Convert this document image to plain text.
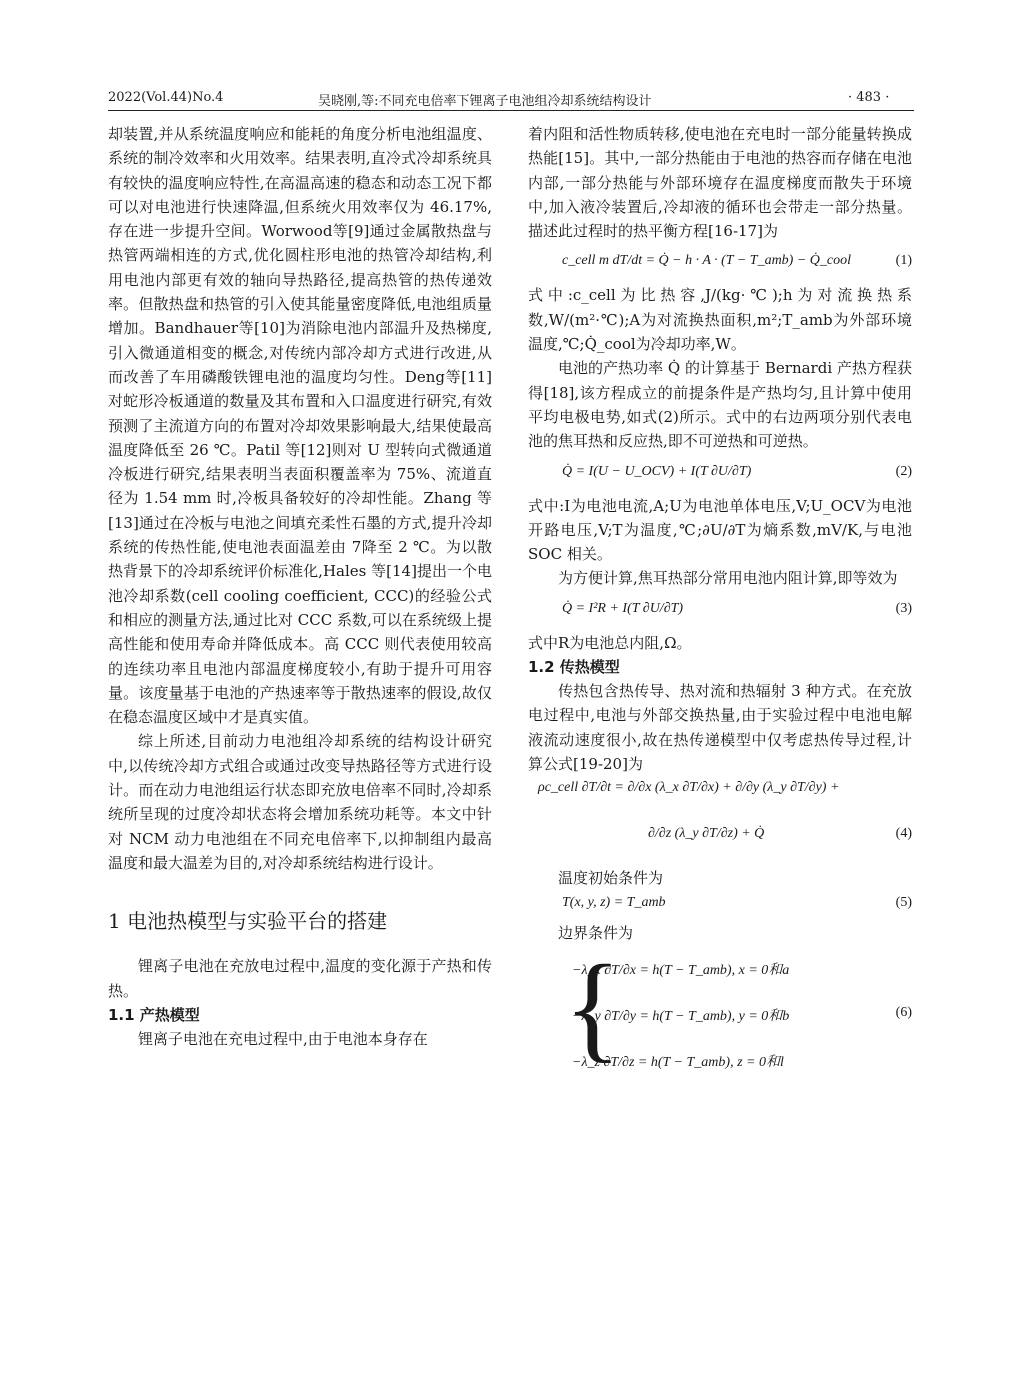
2022(Vol.44)No.4	吴晓刚,等:不同充电倍率下锂离子电池组冷却系统结构设计	· 483 ·

却装置,并从系统温度响应和能耗的角度分析电池组温度、系统的制冷效率和火用效率。结果表明,直冷式冷却系统具有较快的温度响应特性,在高温高速的稳态和动态工况下都可以对电池进行快速降温,但系统火用效率仅为 46.17%,存在进一步提升空间。Worwood等[9]通过金属散热盘与热管两端相连的方式,优化圆柱形电池的热管冷却结构,利用电池内部更有效的轴向导热路径,提高热管的热传递效率。但散热盘和热管的引入使其能量密度降低,电池组质量增加。Bandhauer等[10]为消除电池内部温升及热梯度,引入微通道相变的概念,对传统内部冷却方式进行改进,从而改善了车用磷酸铁锂电池的温度均匀性。Deng等[11]对蛇形冷板通道的数量及其布置和入口温度进行研究,有效预测了主流道方向的布置对冷却效果影响最大,结果使最高温度降低至 26 ℃。Patil 等[12]则对 U 型转向式微通道冷板进行研究,结果表明当表面积覆盖率为 75%、流道直径为 1.54 mm 时,冷板具备较好的冷却性能。Zhang 等[13]通过在冷板与电池之间填充柔性石墨的方式,提升冷却系统的传热性能,使电池表面温差由 7降至 2 ℃。为以散热背景下的冷却系统评价标准化,Hales 等[14]提出一个电池冷却系数(cell cooling coefficient, CCC)的经验公式和相应的测量方法,通过比对 CCC 系数,可以在系统级上提高性能和使用寿命并降低成本。高 CCC 则代表使用较高的连续功率且电池内部温度梯度较小,有助于提升可用容量。该度量基于电池的产热速率等于散热速率的假设,故仅在稳态温度区域中才是真实值。

综上所述,目前动力电池组冷却系统的结构设计研究中,以传统冷却方式组合或通过改变导热路径等方式进行设计。而在动力电池组运行状态即充放电倍率不同时,冷却系统所呈现的过度冷却状态将会增加系统功耗等。本文中针对 NCM 动力电池组在不同充电倍率下,以抑制组内最高温度和最大温差为目的,对冷却系统结构进行设计。

1 电池热模型与实验平台的搭建

锂离子电池在充放电过程中,温度的变化源于产热和传热。

1.1 产热模型

锂离子电池在充电过程中,由于电池本身存在

着内阻和活性物质转移,使电池在充电时一部分能量转换成热能[15]。其中,一部分热能由于电池的热容而存储在电池内部,一部分热能与外部环境存在温度梯度而散失于环境中,加入液冷装置后,冷却液的循环也会带走一部分热量。描述此过程时的热平衡方程[16-17]为

c_cell m dT/dt = Q̇ − h · A · (T − T_amb) − Q̇_cool	(1)

式中:c_cell为比热容,J/(kg·℃);h为对流换热系数,W/(m²·℃);A为对流换热面积,m²;T_amb为外部环境温度,℃;Q̇_cool为冷却功率,W。

电池的产热功率 Q̇ 的计算基于 Bernardi 产热方程获得[18],该方程成立的前提条件是产热均匀,且计算中使用平均电极电势,如式(2)所示。式中的右边两项分别代表电池的焦耳热和反应热,即不可逆热和可逆热。

Q̇ = I(U − U_OCV) + I(T ∂U/∂T)	(2)

式中:I为电池电流,A;U为电池单体电压,V;U_OCV为电池开路电压,V;T为温度,℃;∂U/∂T为熵系数,mV/K,与电池 SOC 相关。

为方便计算,焦耳热部分常用电池内阻计算,即等效为

Q̇ = I²R + I(T ∂U/∂T)	(3)

式中R为电池总内阻,Ω。

1.2 传热模型

传热包含热传导、热对流和热辐射 3 种方式。在充放电过程中,电池与外部交换热量,由于实验过程中电池电解液流动速度很小,故在热传递模型中仅考虑热传导过程,计算公式[19-20]为

ρc_cell ∂T/∂t = ∂/∂x (λ_x ∂T/∂x) + ∂/∂y (λ_y ∂T/∂y) +
∂/∂z (λ_y ∂T/∂z) + Q̇	(4)

温度初始条件为

T(x, y, z) = T_amb	(5)

边界条件为

{
−λ_x ∂T/∂x = h(T − T_amb), x = 0和a
−λ_y ∂T/∂y = h(T − T_amb), y = 0和b
−λ_z ∂T/∂z = h(T − T_amb), z = 0和l
(6)
